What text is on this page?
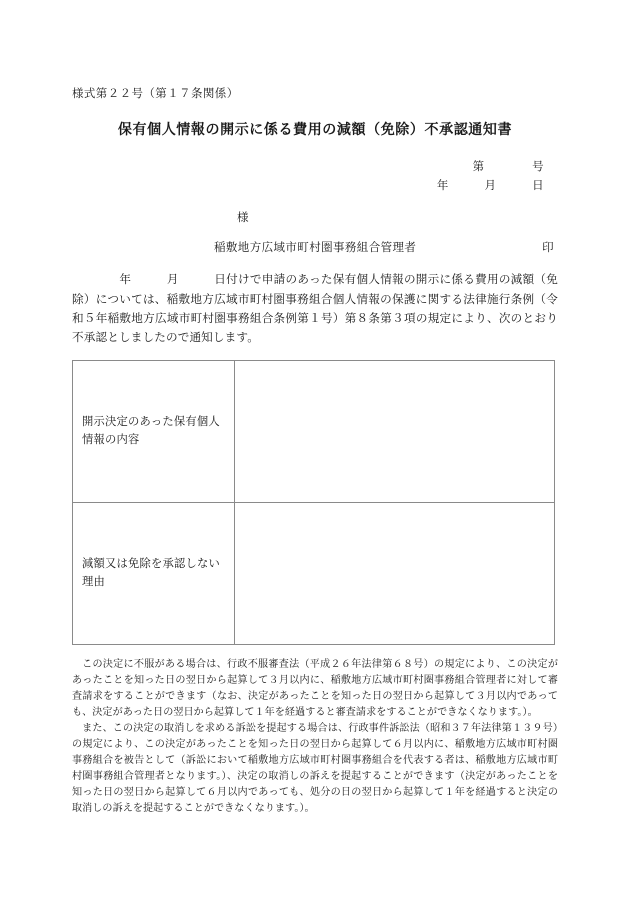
様式第２２号（第１７条関係）
保有個人情報の開示に係る費用の減額（免除）不承認通知書
第　　　　号
年　　　月　　　日
様
稲敷地方広域市町村圏事務組合管理者	印
　　　　年　　　月　　　日付けで申請のあった保有個人情報の開示に係る費用の減額（免除）については、稲敷地方広域市町村圏事務組合個人情報の保護に関する法律施行条例（令和５年稲敷地方広域市町村圏事務組合条例第１号）第８条第３項の規定により、次のとおり不承認としましたので通知します。
開示決定のあった保有個人情報の内容	
減額又は免除を承認しない理由	

この決定に不服がある場合は、行政不服審査法（平成２６年法律第６８号）の規定により、この決定があったことを知った日の翌日から起算して３月以内に、稲敷地方広域市町村圏事務組合管理者に対して審査請求をすることができます（なお、決定があったことを知った日の翌日から起算して３月以内であっても、決定があった日の翌日から起算して１年を経過すると審査請求をすることができなくなります。）。

また、この決定の取消しを求める訴訟を提起する場合は、行政事件訴訟法（昭和３７年法律第１３９号）の規定により、この決定があったことを知った日の翌日から起算して６月以内に、稲敷地方広域市町村圏事務組合を被告として（訴訟において稲敷地方広域市町村圏事務組合を代表する者は、稲敷地方広域市町村圏事務組合管理者となります。）、決定の取消しの訴えを提起することができます（決定があったことを知った日の翌日から起算して６月以内であっても、処分の日の翌日から起算して１年を経過すると決定の取消しの訴えを提起することができなくなります。）。
